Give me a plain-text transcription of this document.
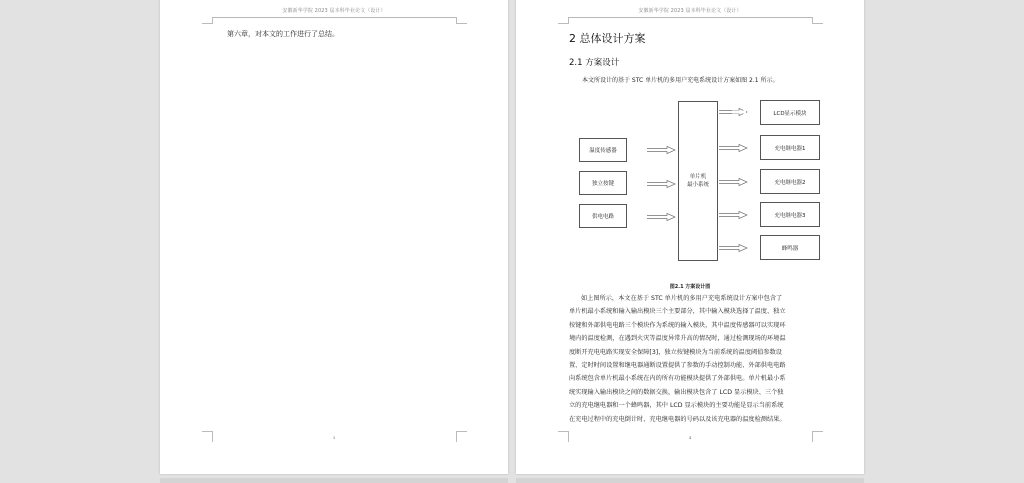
安徽新华学院 2023 届本科毕业论文（设计）
第六章，对本文的工作进行了总结。
3
安徽新华学院 2023 届本科毕业论文（设计）
2 总体设计方案
2.1 方案设计
本文所设计的基于 STC 单片机的多用户充电系统设计方案如图 2.1 所示。
温度传感器
独立按键
供电电路
单片机
最小系统
LCD显示模块
充电继电器1
充电继电器2
充电继电器3
蜂鸣器
图2.1 方案设计图
如上图所示，本文在基于 STC 单片机的多用户充电系统设计方案中包含了
单片机最小系统和输入输出模块三个主要部分，其中输入模块选择了温度、独立
按键和外部供电电路三个模块作为系统的输入模块，其中温度传感器可以实现环
境内的温度检测，在遇到火灾等温度异常升高的情况时，通过检测现场的环境温
度断开充电电路实现安全保障[3]，独立按键模块为当前系统的温度阈值参数设
置、定时时间设置和继电器通断设置提供了参数的手动控制功能、外部供电电路
向系统包含单片机最小系统在内的所有功能模块提供了外部供电。单片机最小系
统实现输入输出模块之间的数据交换，输出模块包含了 LCD 显示模块、三个独
立的充电继电器和一个蜂鸣器，其中 LCD 显示模块的主要功能是显示当前系统
在充电过程中的充电倒计时、充电继电器的号码以及该充电器的温度检测结果。
4
